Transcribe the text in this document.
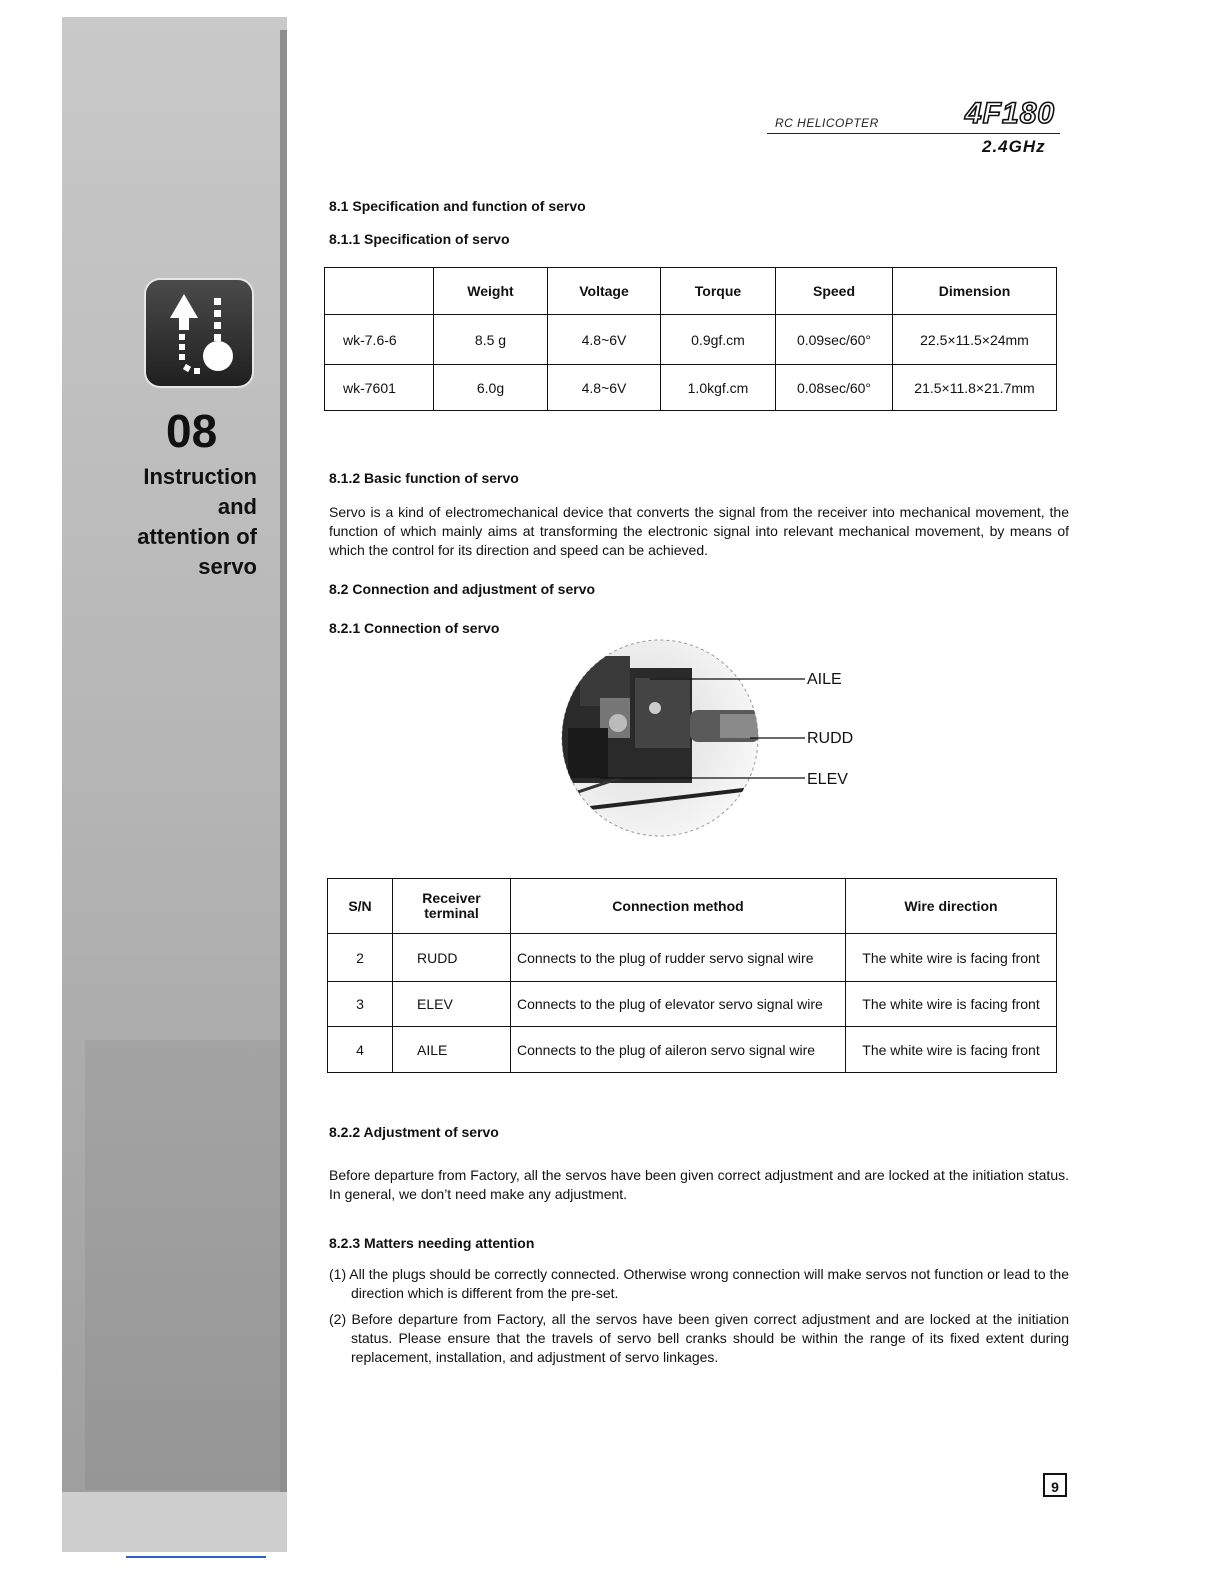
08
Instruction
and
attention of
servo
RC HELICOPTER	4F180
2.4GHz
8.1 Specification and function of servo
8.1.1 Specification of servo
	Weight	Voltage	Torque	Speed	Dimension
wk-7.6-6	8.5 g	4.8~6V	0.9gf.cm	0.09sec/60°	22.5×11.5×24mm
wk-7601	6.0g	4.8~6V	1.0kgf.cm	0.08sec/60°	21.5×11.8×21.7mm
8.1.2 Basic function of servo
Servo is a kind of electromechanical device that converts the signal from the receiver into mechanical movement, the function of which mainly aims at transforming the electronic signal into relevant mechanical movement, by means of which the control for its direction and speed can be achieved.
8.2 Connection and adjustment of servo
8.2.1 Connection of servo
AILE
RUDD
ELEV
S/N	Receiver terminal	Connection method	Wire direction
2	RUDD	Connects to the plug of rudder servo signal wire	The white wire is facing front
3	ELEV	Connects to the plug of elevator servo signal wire	The white wire is facing front
4	AILE	Connects to the plug of aileron servo signal wire	The white wire is facing front
8.2.2 Adjustment of servo
Before departure from Factory, all the servos have been given correct adjustment and are locked at the initiation status. In general, we don’t need make any adjustment.
8.2.3 Matters needing attention
(1) All the plugs should be correctly connected. Otherwise wrong connection will make servos not function or lead to the direction which is different from the pre-set.
(2) Before departure from Factory, all the servos have been given correct adjustment and are locked at the initiation status. Please ensure that the travels of servo bell cranks should be within the range of its fixed extent during replacement, installation, and adjustment of servo linkages.
9
